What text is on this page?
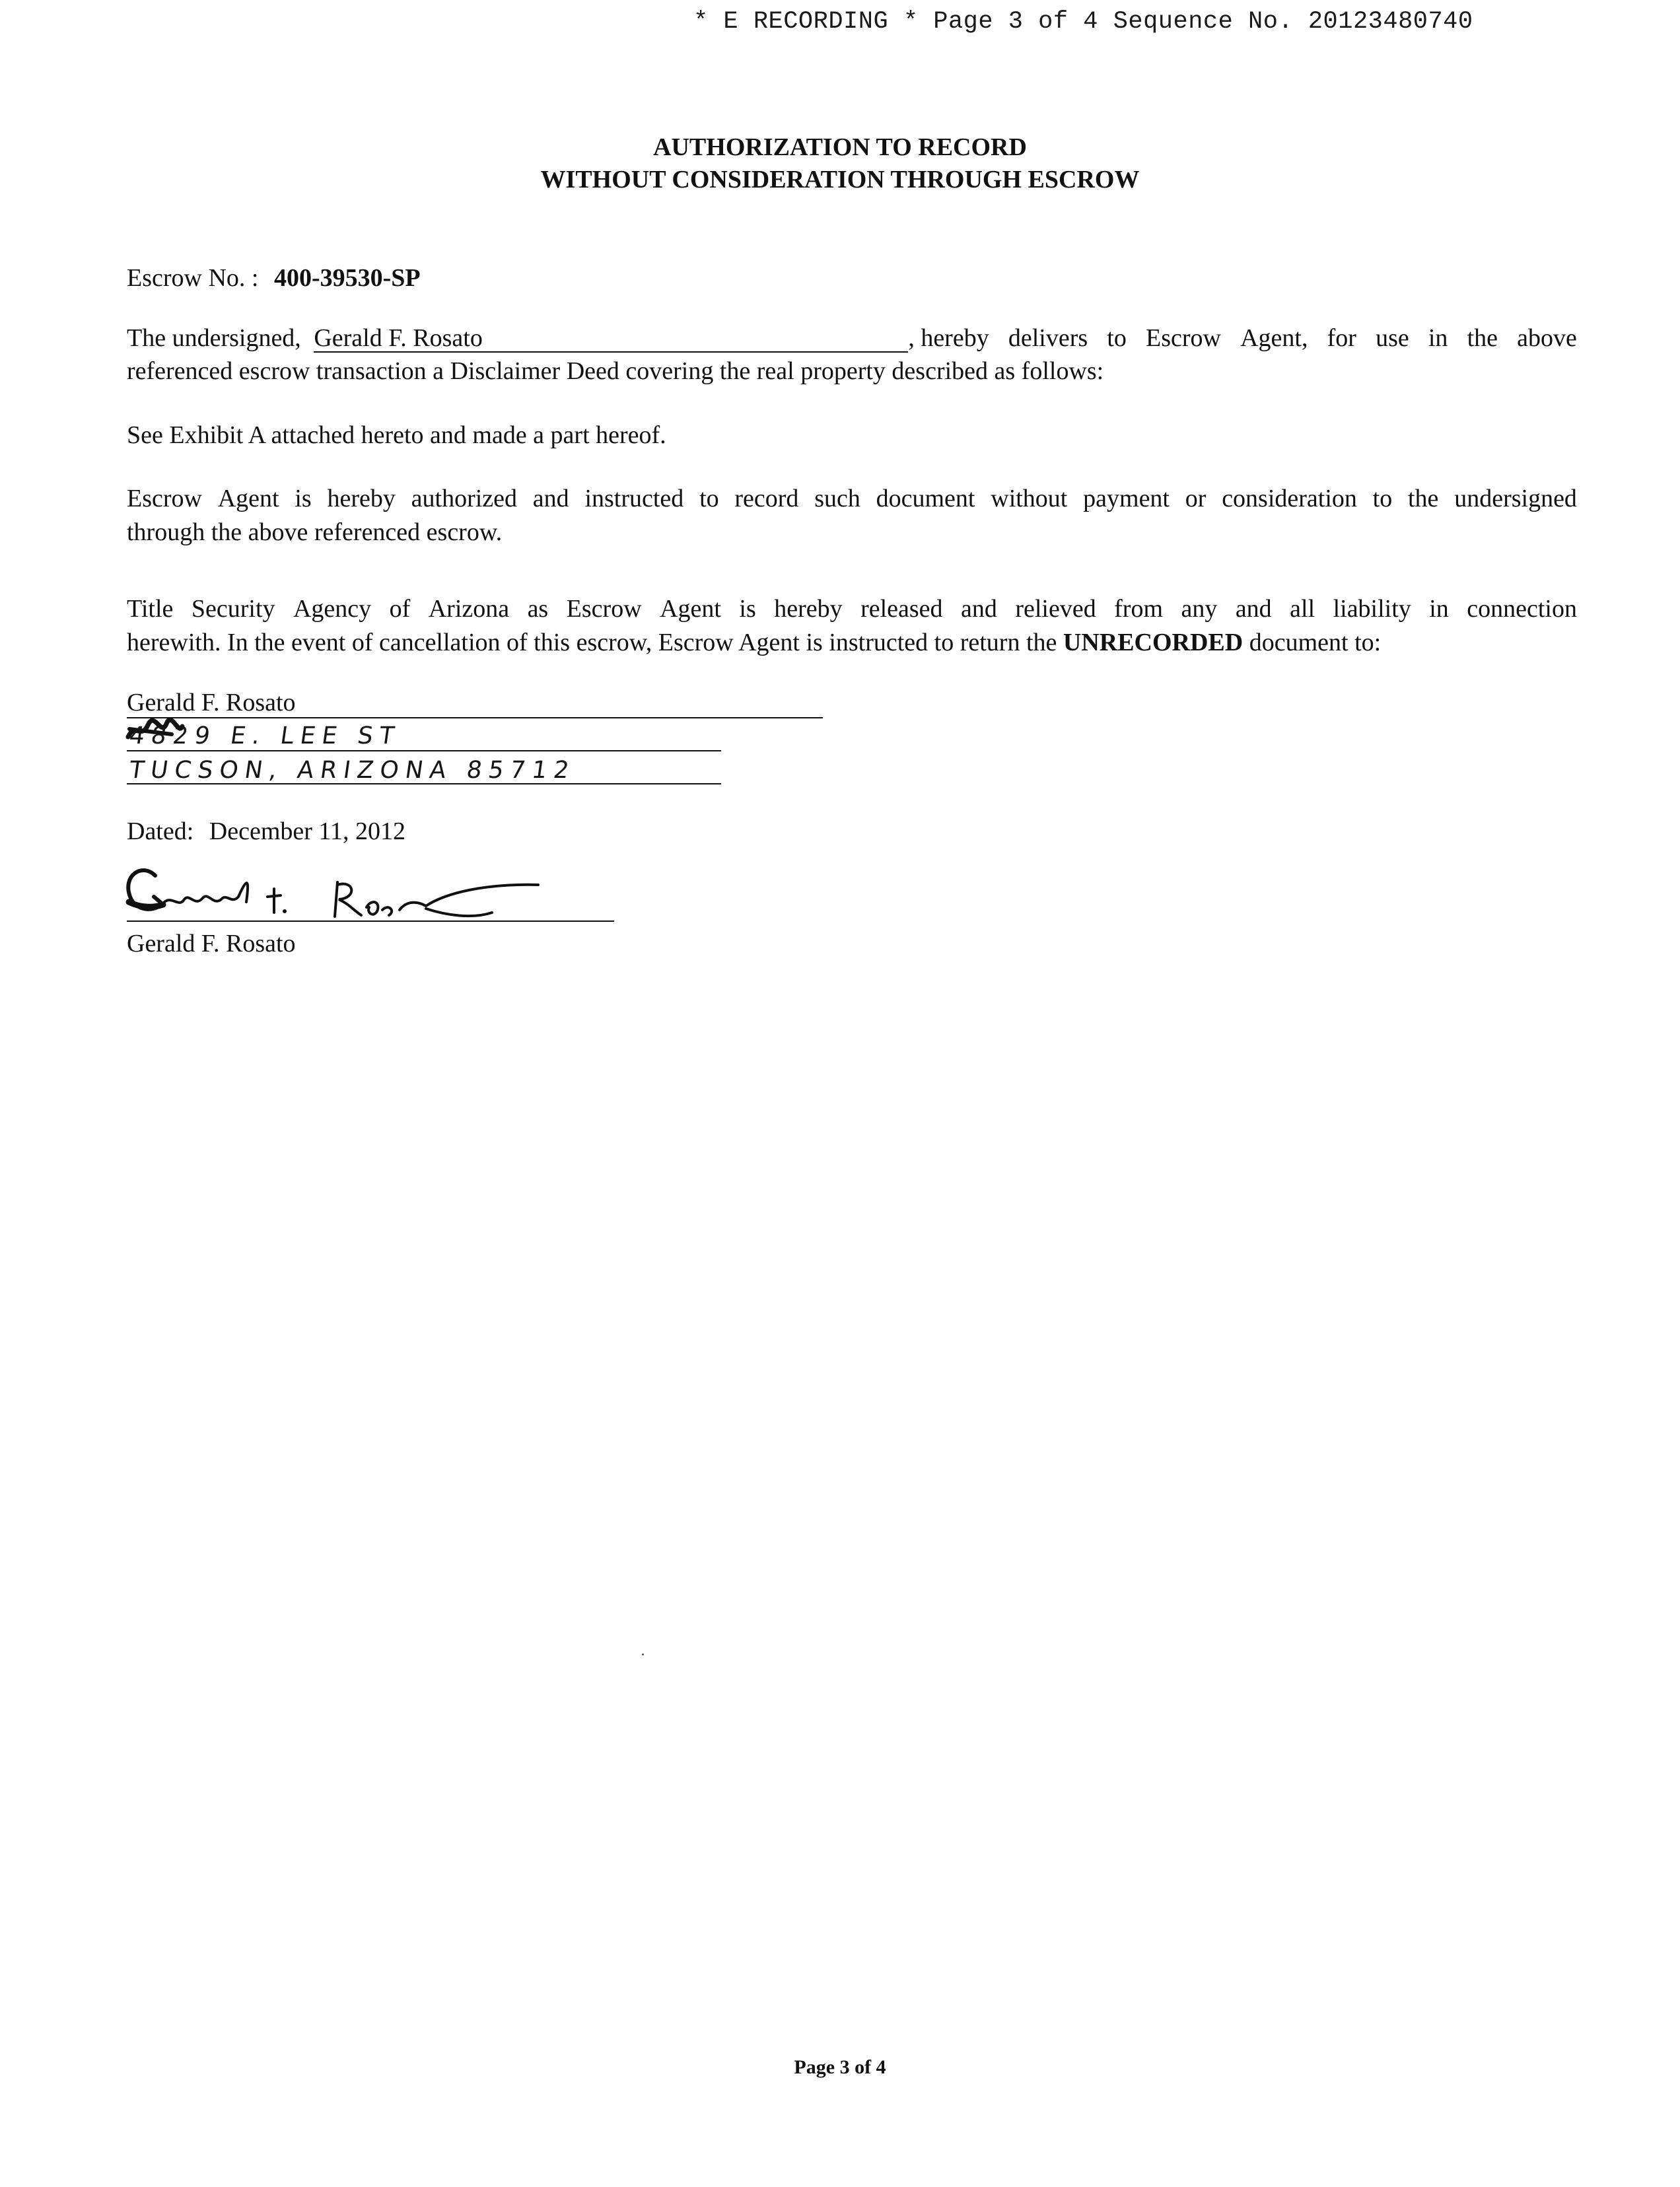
* E RECORDING * Page 3 of 4 Sequence No. 20123480740
AUTHORIZATION TO RECORD
WITHOUT CONSIDERATION THROUGH ESCROW
Escrow No. : 400-39530-SP
The undersigned, Gerald F. Rosato	, hereby delivers to Escrow Agent, for use in the above
referenced escrow transaction a Disclaimer Deed covering the real property described as follows:
See Exhibit A attached hereto and made a part hereof.
Escrow Agent is hereby authorized and instructed to record such document without payment or consideration to the undersigned
through the above referenced escrow.
Title Security Agency of Arizona as Escrow Agent is hereby released and relieved from any and all liability in connection
herewith. In the event of cancellation of this escrow, Escrow Agent is instructed to return the UNRECORDED document to:
Gerald F. Rosato
4829 E. LEE ST
TUCSON, ARIZONA 85712
Dated: December 11, 2012
Gerald F. Rosato
Page 3 of 4
